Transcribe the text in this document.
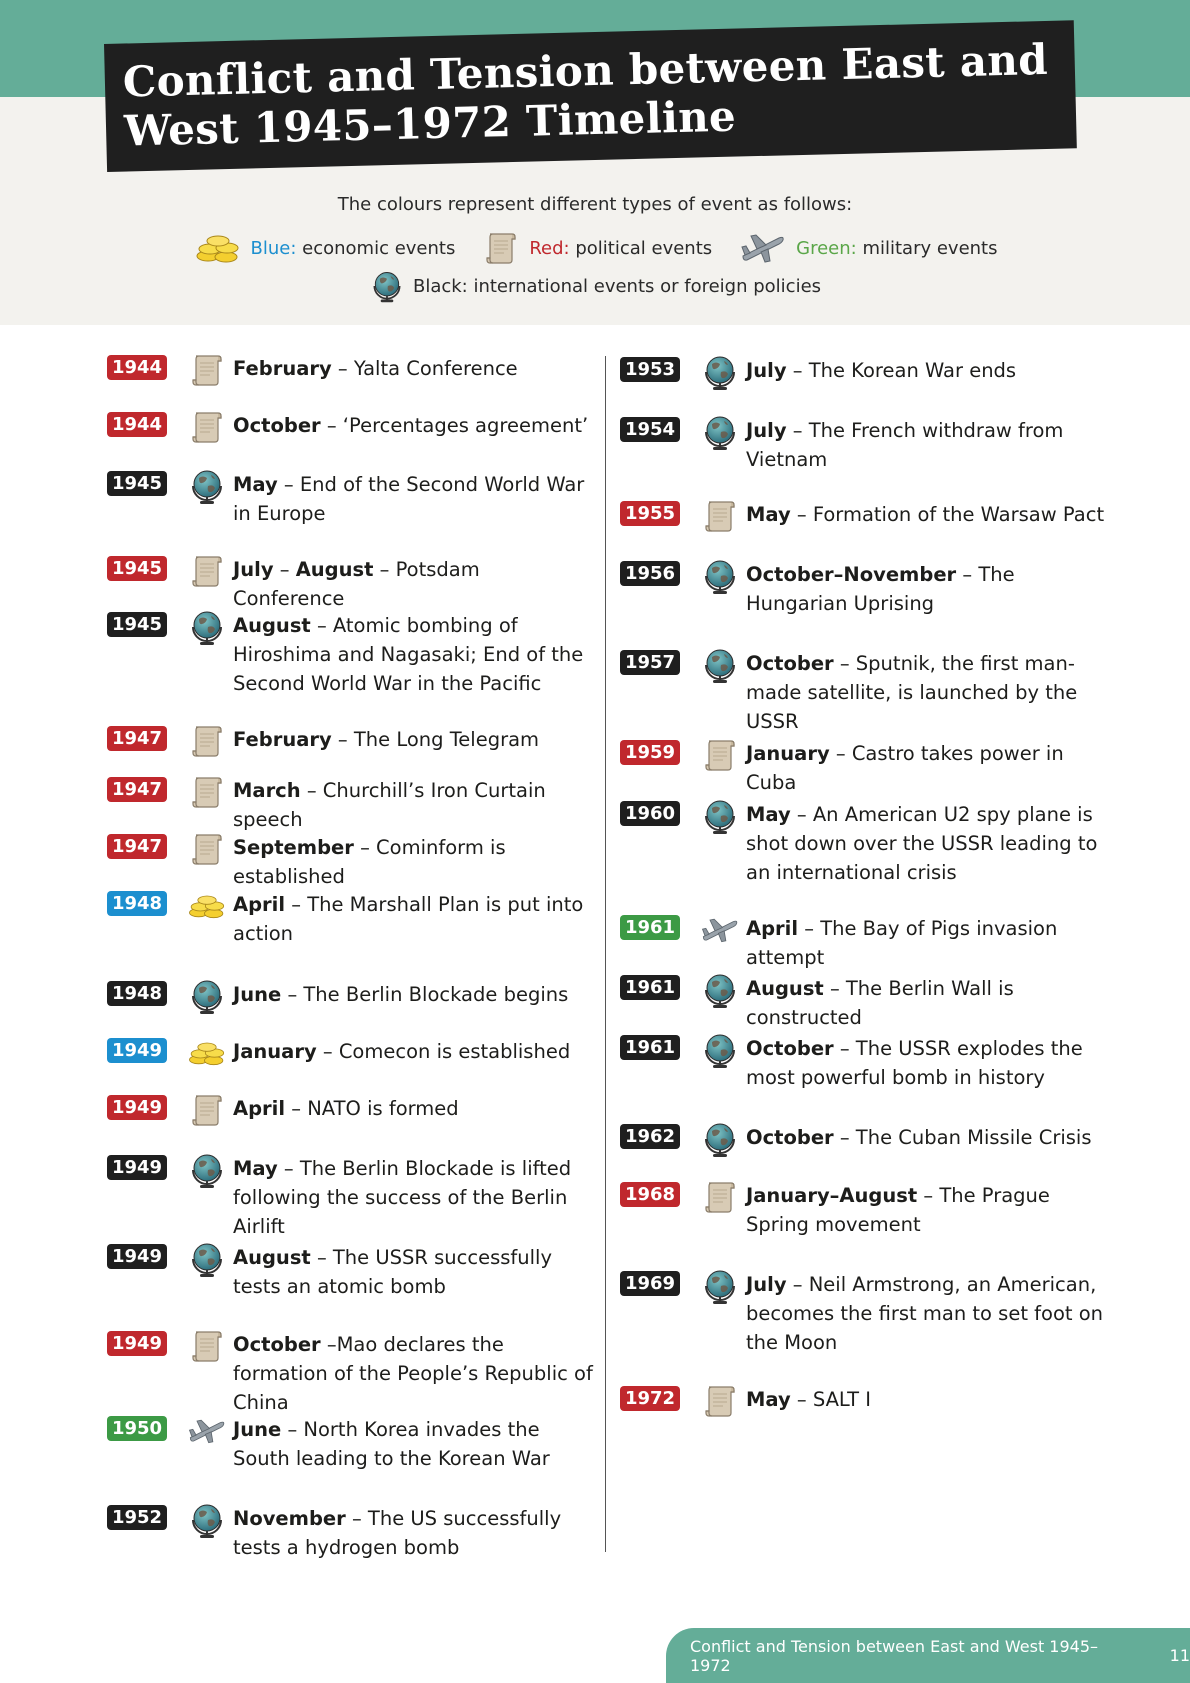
Conflict and Tension between East and West 1945–1972 Timeline
The colours represent different types of event as follows:
Blue: economic events	Red: political events	Green: military events
Black: international events or foreign policies
1944	February – Yalta Conference
1944	October – ‘Percentages agreement’
1945	May – End of the Second World War in Europe
1945	July – August – Potsdam Conference
1945	August – Atomic bombing of Hiroshima and Nagasaki; End of the Second World War in the Pacific
1947	February – The Long Telegram
1947	March – Churchill’s Iron Curtain speech
1947	September – Cominform is established
1948	April – The Marshall Plan is put into action
1948	June – The Berlin Blockade begins
1949	January – Comecon is established
1949	April – NATO is formed
1949	May – The Berlin Blockade is lifted following the success of the Berlin Airlift
1949	August – The USSR successfully tests an atomic bomb
1949	October –Mao declares the formation of the People’s Republic of China
1950	June – North Korea invades the South leading to the Korean War
1952	November – The US successfully tests a hydrogen bomb
1953	July – The Korean War ends
1954	July – The French withdraw from Vietnam
1955	May – Formation of the Warsaw Pact
1956	October–November – The Hungarian Uprising
1957	October – Sputnik, the first man-made satellite, is launched by the USSR
1959	January – Castro takes power in Cuba
1960	May – An American U2 spy plane is shot down over the USSR leading to an international crisis
1961	April – The Bay of Pigs invasion attempt
1961	August – The Berlin Wall is constructed
1961	October – The USSR explodes the most powerful bomb in history
1962	October – The Cuban Missile Crisis
1968	January–August – The Prague Spring movement
1969	July – Neil Armstrong, an American, becomes the first man to set foot on the Moon
1972	May – SALT I
Conflict and Tension between East and West 1945–1972	11
